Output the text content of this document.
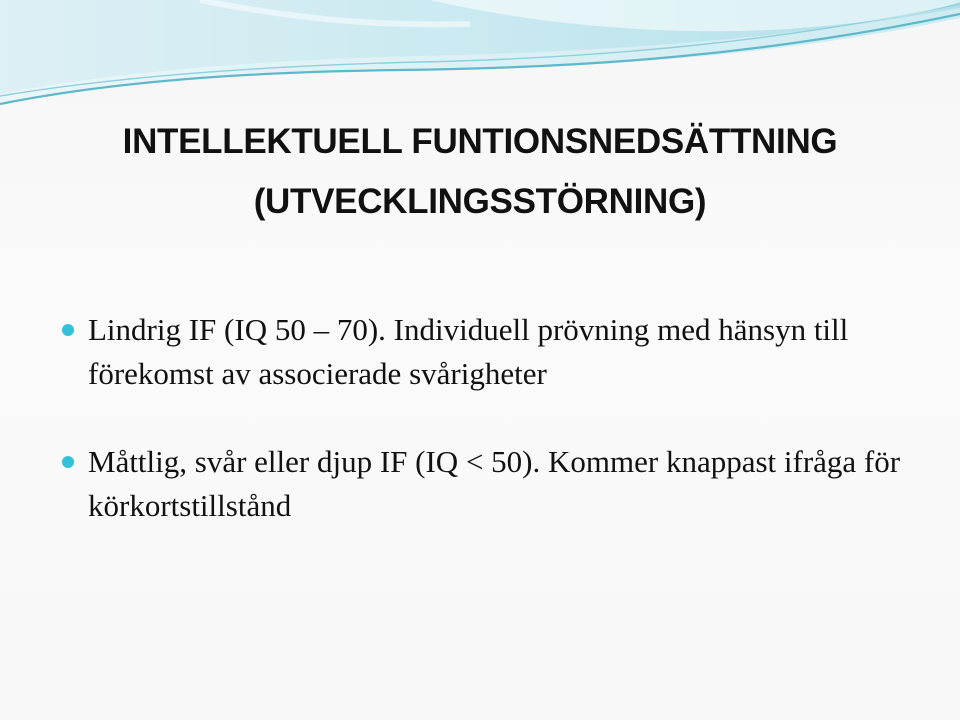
INTELLEKTUELL FUNTIONSNEDSÄTTNING
(UTVECKLINGSSTÖRNING)
Lindrig IF (IQ 50 – 70). Individuell prövning med hänsyn till förekomst av associerade svårigheter
Måttlig, svår eller djup IF (IQ < 50). Kommer knappast ifråga för körkortstillstånd
